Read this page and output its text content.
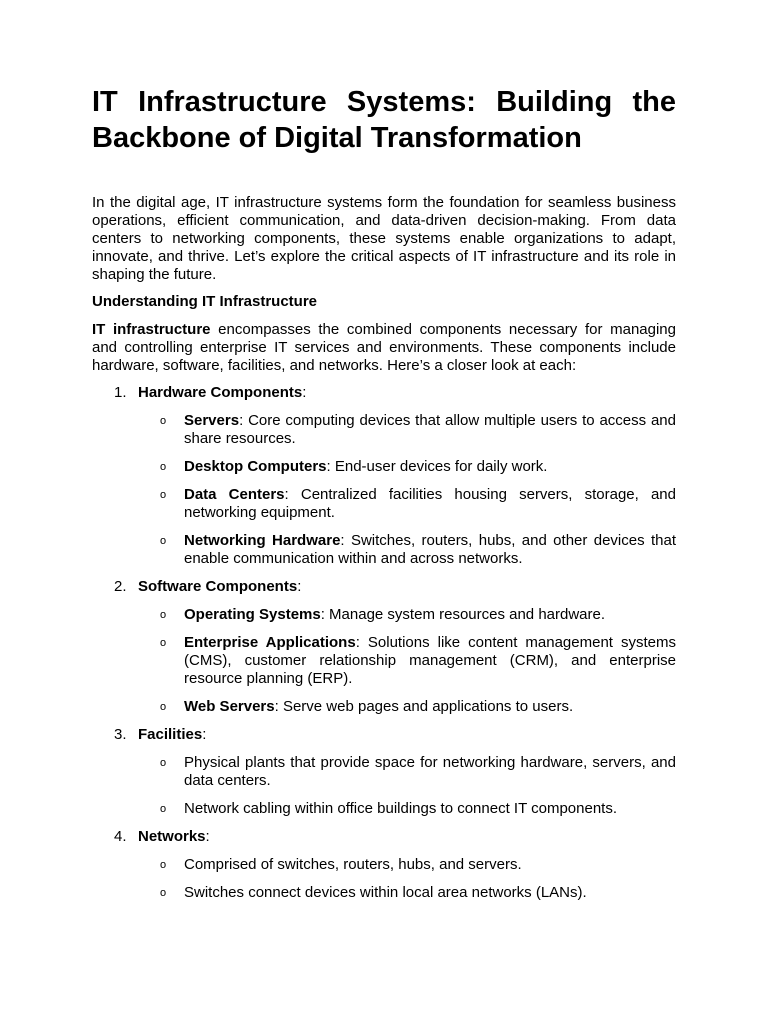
IT Infrastructure Systems: Building the Backbone of Digital Transformation

In the digital age, IT infrastructure systems form the foundation for seamless business operations, efficient communication, and data-driven decision-making. From data centers to networking components, these systems enable organizations to adapt, innovate, and thrive. Let’s explore the critical aspects of IT infrastructure and its role in shaping the future.

Understanding IT Infrastructure

IT infrastructure encompasses the combined components necessary for managing and controlling enterprise IT services and environments. These components include hardware, software, facilities, and networks. Here’s a closer look at each:

1. Hardware Components:
o	Servers: Core computing devices that allow multiple users to access and share resources.
o	Desktop Computers: End-user devices for daily work.
o	Data Centers: Centralized facilities housing servers, storage, and networking equipment.
o	Networking Hardware: Switches, routers, hubs, and other devices that enable communication within and across networks.
2. Software Components:
o	Operating Systems: Manage system resources and hardware.
o	Enterprise Applications: Solutions like content management systems (CMS), customer relationship management (CRM), and enterprise resource planning (ERP).
o	Web Servers: Serve web pages and applications to users.
3. Facilities:
o	Physical plants that provide space for networking hardware, servers, and data centers.
o	Network cabling within office buildings to connect IT components.
4. Networks:
o	Comprised of switches, routers, hubs, and servers.
o	Switches connect devices within local area networks (LANs).
